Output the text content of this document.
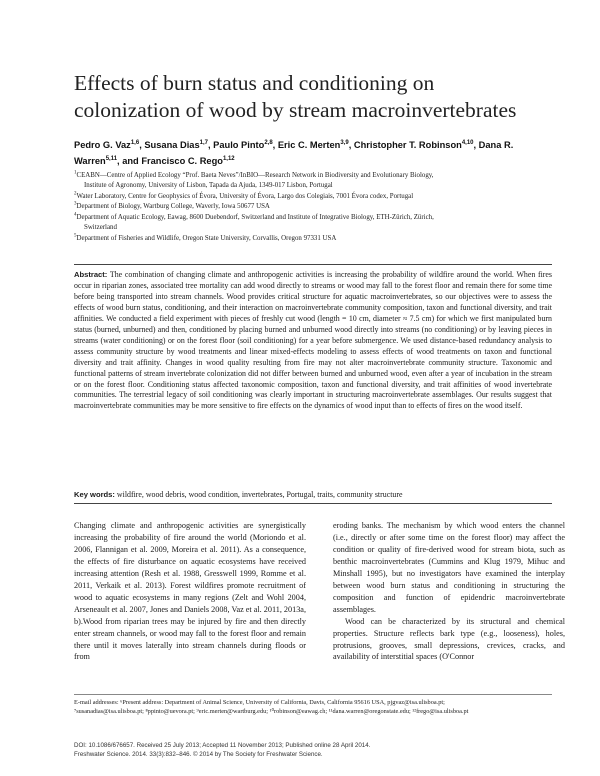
Effects of burn status and conditioning on colonization of wood by stream macroinvertebrates
Pedro G. Vaz$^{1,6}$, Susana Dias$^{1,7}$, Paulo Pinto$^{2,8}$, Eric C. Merten$^{3,9}$, Christopher T. Robinson$^{4,10}$, Dana R. Warren$^{5,11}$, and Francisco C. Rego$^{1,12}$
$^1$CEABN—Centre of Applied Ecology “Prof. Baeta Neves”/InBIO—Research Network in Biodiversity and Evolutionary Biology,
Institute of Agronomy, University of Lisbon, Tapada da Ajuda, 1349-017 Lisbon, Portugal
$^2$Water Laboratory, Centre for Geophysics of Évora, University of Évora, Largo dos Colegiais, 7001 Évora codex, Portugal
$^3$Department of Biology, Wartburg College, Waverly, Iowa 50677 USA
$^4$Department of Aquatic Ecology, Eawag, 8600 Duebendorf, Switzerland and Institute of Integrative Biology, ETH-Zürich, Zürich,
Switzerland
$^5$Department of Fisheries and Wildlife, Oregon State University, Corvallis, Oregon 97331 USA
Abstract: The combination of changing climate and anthropogenic activities is increasing the probability of wildfire around the world. When fires occur in riparian zones, associated tree mortality can add wood directly to streams or wood may fall to the forest floor and remain there for some time before being transported into stream channels. Wood provides critical structure for aquatic macroinvertebrates, so our objectives were to assess the effects of wood burn status, conditioning, and their interaction on macroinvertebrate community composition, taxon and functional diversity, and trait affinities. We conducted a field experiment with pieces of freshly cut wood (length = 10 cm, diameter ≈ 7.5 cm) for which we first manipulated burn status (burned, unburned) and then, conditioned by placing burned and unburned wood directly into streams (no conditioning) or by leaving pieces in streams (water conditioning) or on the forest floor (soil conditioning) for a year before submergence. We used distance-based redundancy analysis to assess community structure by wood treatments and linear mixed-effects modeling to assess effects of wood treatments on taxon and functional diversity and trait affinity. Changes in wood quality resulting from fire may not alter macroinvertebrate community structure. Taxonomic and functional patterns of stream invertebrate colonization did not differ between burned and unburned wood, even after a year of incubation in the stream or on the forest floor. Conditioning status affected taxonomic composition, taxon and functional diversity, and trait affinities of wood invertebrate communities. The terrestrial legacy of soil conditioning was clearly important in structuring macroinvertebrate assemblages. Our results suggest that macroinvertebrate communities may be more sensitive to fire effects on the dynamics of wood input than to effects of fires on the wood itself.
Key words: wildfire, wood debris, wood condition, invertebrates, Portugal, traits, community structure

Changing climate and anthropogenic activities are synergistically increasing the probability of fire around the world (Moriondo et al. 2006, Flannigan et al. 2009, Moreira et al. 2011). As a consequence, the effects of fire disturbance on aquatic ecosystems have received increasing attention (Resh et al. 1988, Gresswell 1999, Romme et al. 2011, Verkaik et al. 2013). Forest wildfires promote recruitment of wood to aquatic ecosystems in many regions (Zelt and Wohl 2004, Arseneault et al. 2007, Jones and Daniels 2008, Vaz et al. 2011, 2013a, b).Wood from riparian trees may be injured by fire and then directly enter stream channels, or wood may fall to the forest floor and remain there until it moves laterally into stream channels during floods or from

eroding banks. The mechanism by which wood enters the channel (i.e., directly or after some time on the forest floor) may affect the condition or quality of fire-derived wood for stream biota, such as benthic macroinvertebrates (Cummins and Klug 1979, Mihuc and Minshall 1995), but no investigators have examined the interplay between wood burn status and conditioning in structuring the composition and function of epidendric macroinvertebrate assemblages.

Wood can be characterized by its structural and chemical properties. Structure reflects bark type (e.g., looseness), holes, protrusions, grooves, small depressions, crevices, cracks, and availability of interstitial spaces (O'Connor

E-mail addresses: ⁶Present address: Department of Animal Science, University of California, Davis, California 95616 USA, pjgvaz@isa.ulisboa.pt;

⁷susanadias@isa.ulisboa.pt; ⁸ppinto@uevora.pt; ⁹eric.merten@wartburg.edu; ¹⁰robinson@eawag.ch; ¹¹dana.warren@oregonstate.edu; ¹²frego@isa.ulisboa.pt

DOI: 10.1086/676657. Received 25 July 2013; Accepted 11 November 2013; Published online 28 April 2014.

Freshwater Science. 2014. 33(3):832–846. © 2014 by The Society for Freshwater Science.
